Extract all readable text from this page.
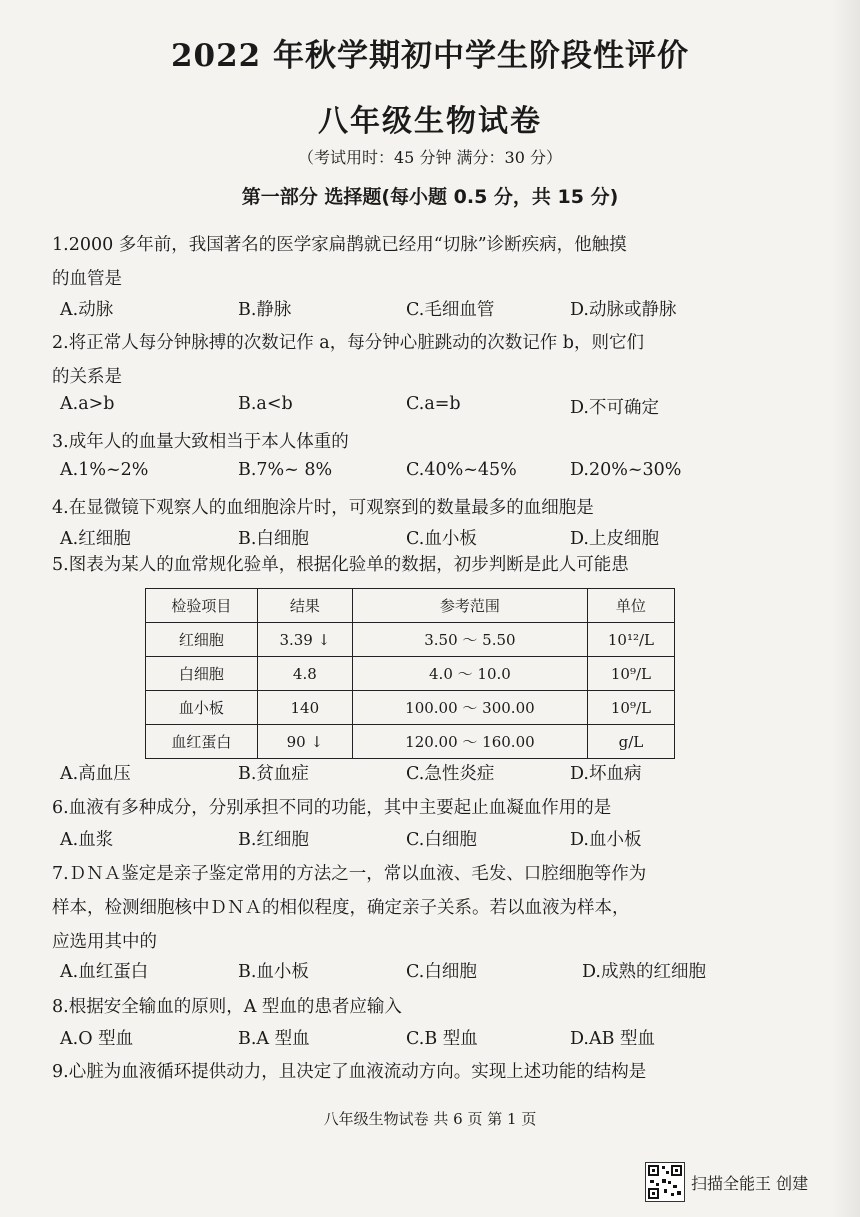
2022 年秋学期初中学生阶段性评价
八年级生物试卷
（考试用时：45 分钟 满分：30 分）
第一部分 选择题(每小题 0.5 分，共 15 分)
1.2000 多年前，我国著名的医学家扁鹊就已经用“切脉”诊断疾病，他触摸
的血管是
A.动脉	B.静脉	C.毛细血管	D.动脉或静脉
2.将正常人每分钟脉搏的次数记作 a，每分钟心脏跳动的次数记作 b，则它们
的关系是
A.a>b	B.a<b	C.a=b	D.不可确定
3.成年人的血量大致相当于本人体重的
A.1%~2%	B.7%~ 8%	C.40%~45%	D.20%~30%
4.在显微镜下观察人的血细胞涂片时，可观察到的数量最多的血细胞是
A.红细胞	B.白细胞	C.血小板	D.上皮细胞
5.图表为某人的血常规化验单，根据化验单的数据，初步判断是此人可能患
检验项目	结果	参考范围	单位
红细胞	3.39 ↓	3.50 ～ 5.50	10¹²/L
白细胞	4.8	4.0 ～ 10.0	10⁹/L
血小板	140	100.00 ～ 300.00	10⁹/L
血红蛋白	90 ↓	120.00 ～ 160.00	g/L
A.高血压	B.贫血症	C.急性炎症	D.坏血病
6.血液有多种成分，分别承担不同的功能，其中主要起止血凝血作用的是
A.血浆	B.红细胞	C.白细胞	D.血小板
7.ＤＮＡ鉴定是亲子鉴定常用的方法之一，常以血液、毛发、口腔细胞等作为
样本，检测细胞核中ＤＮＡ的相似程度，确定亲子关系。若以血液为样本，
应选用其中的
A.血红蛋白	B.血小板	C.白细胞	D.成熟的红细胞
8.根据安全输血的原则，A 型血的患者应输入
A.O 型血	B.A 型血	C.B 型血	D.AB 型血
9.心脏为血液循环提供动力，且决定了血液流动方向。实现上述功能的结构是
八年级生物试卷 共 6 页 第 1 页
扫描全能王 创建
